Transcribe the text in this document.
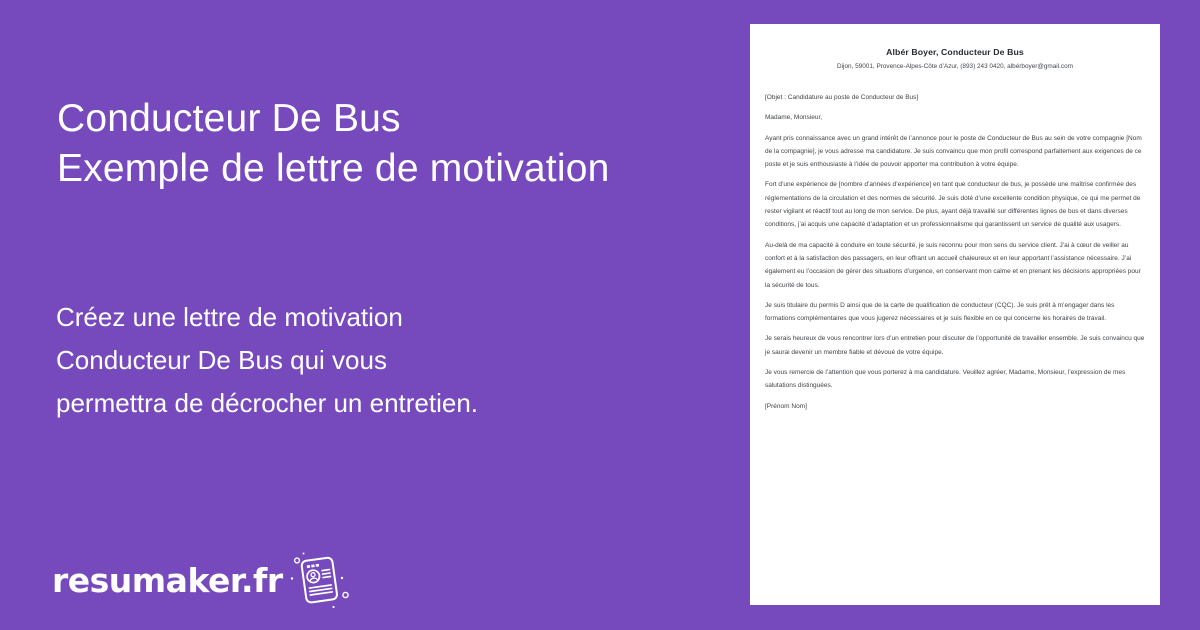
Conducteur De Bus
Exemple de lettre de motivation
Créez une lettre de motivation
Conducteur De Bus qui vous
permettra de décrocher un entretien.
resumaker.fr
Albér Boyer, Conducteur De Bus
Dijon, 59001, Provence-Alpes-Côte d’Azur, (893) 243 0420, albérboyer@gmail.com

[Objet : Candidature au poste de Conducteur de Bus]

Madame, Monsieur,

Ayant pris connaissance avec un grand intérêt de l’annonce pour le poste de Conducteur de Bus au sein de votre compagnie [Nom de la compagnie], je vous adresse ma candidature. Je suis convaincu que mon profil correspond parfaitement aux exigences de ce poste et je suis enthousiaste à l’idée de pouvoir apporter ma contribution à votre équipe.

Fort d’une expérience de [nombre d’années d’expérience] en tant que conducteur de bus, je possède une maîtrise confirmée des réglementations de la circulation et des normes de sécurité. Je suis doté d’une excellente condition physique, ce qui me permet de rester vigilant et réactif tout au long de mon service. De plus, ayant déjà travaillé sur différentes lignes de bus et dans diverses conditions, j’ai acquis une capacité d’adaptation et un professionnalisme qui garantissent un service de qualité aux usagers.

Au-delà de ma capacité à conduire en toute sécurité, je suis reconnu pour mon sens du service client. J’ai à cœur de veiller au confort et à la satisfaction des passagers, en leur offrant un accueil chaleureux et en leur apportant l’assistance nécessaire. J’ai également eu l’occasion de gérer des situations d’urgence, en conservant mon calme et en prenant les décisions appropriées pour la sécurité de tous.

Je suis titulaire du permis D ainsi que de la carte de qualification de conducteur (CQC). Je suis prêt à m’engager dans les formations complémentaires que vous jugerez nécessaires et je suis flexible en ce qui concerne les horaires de travail.

Je serais heureux de vous rencontrer lors d’un entretien pour discuter de l’opportunité de travailler ensemble. Je suis convaincu que je saurai devenir un membre fiable et dévoué de votre équipe.

Je vous remercie de l’attention que vous porterez à ma candidature. Veuillez agréer, Madame, Monsieur, l’expression de mes salutations distinguées.

[Prénom Nom]
